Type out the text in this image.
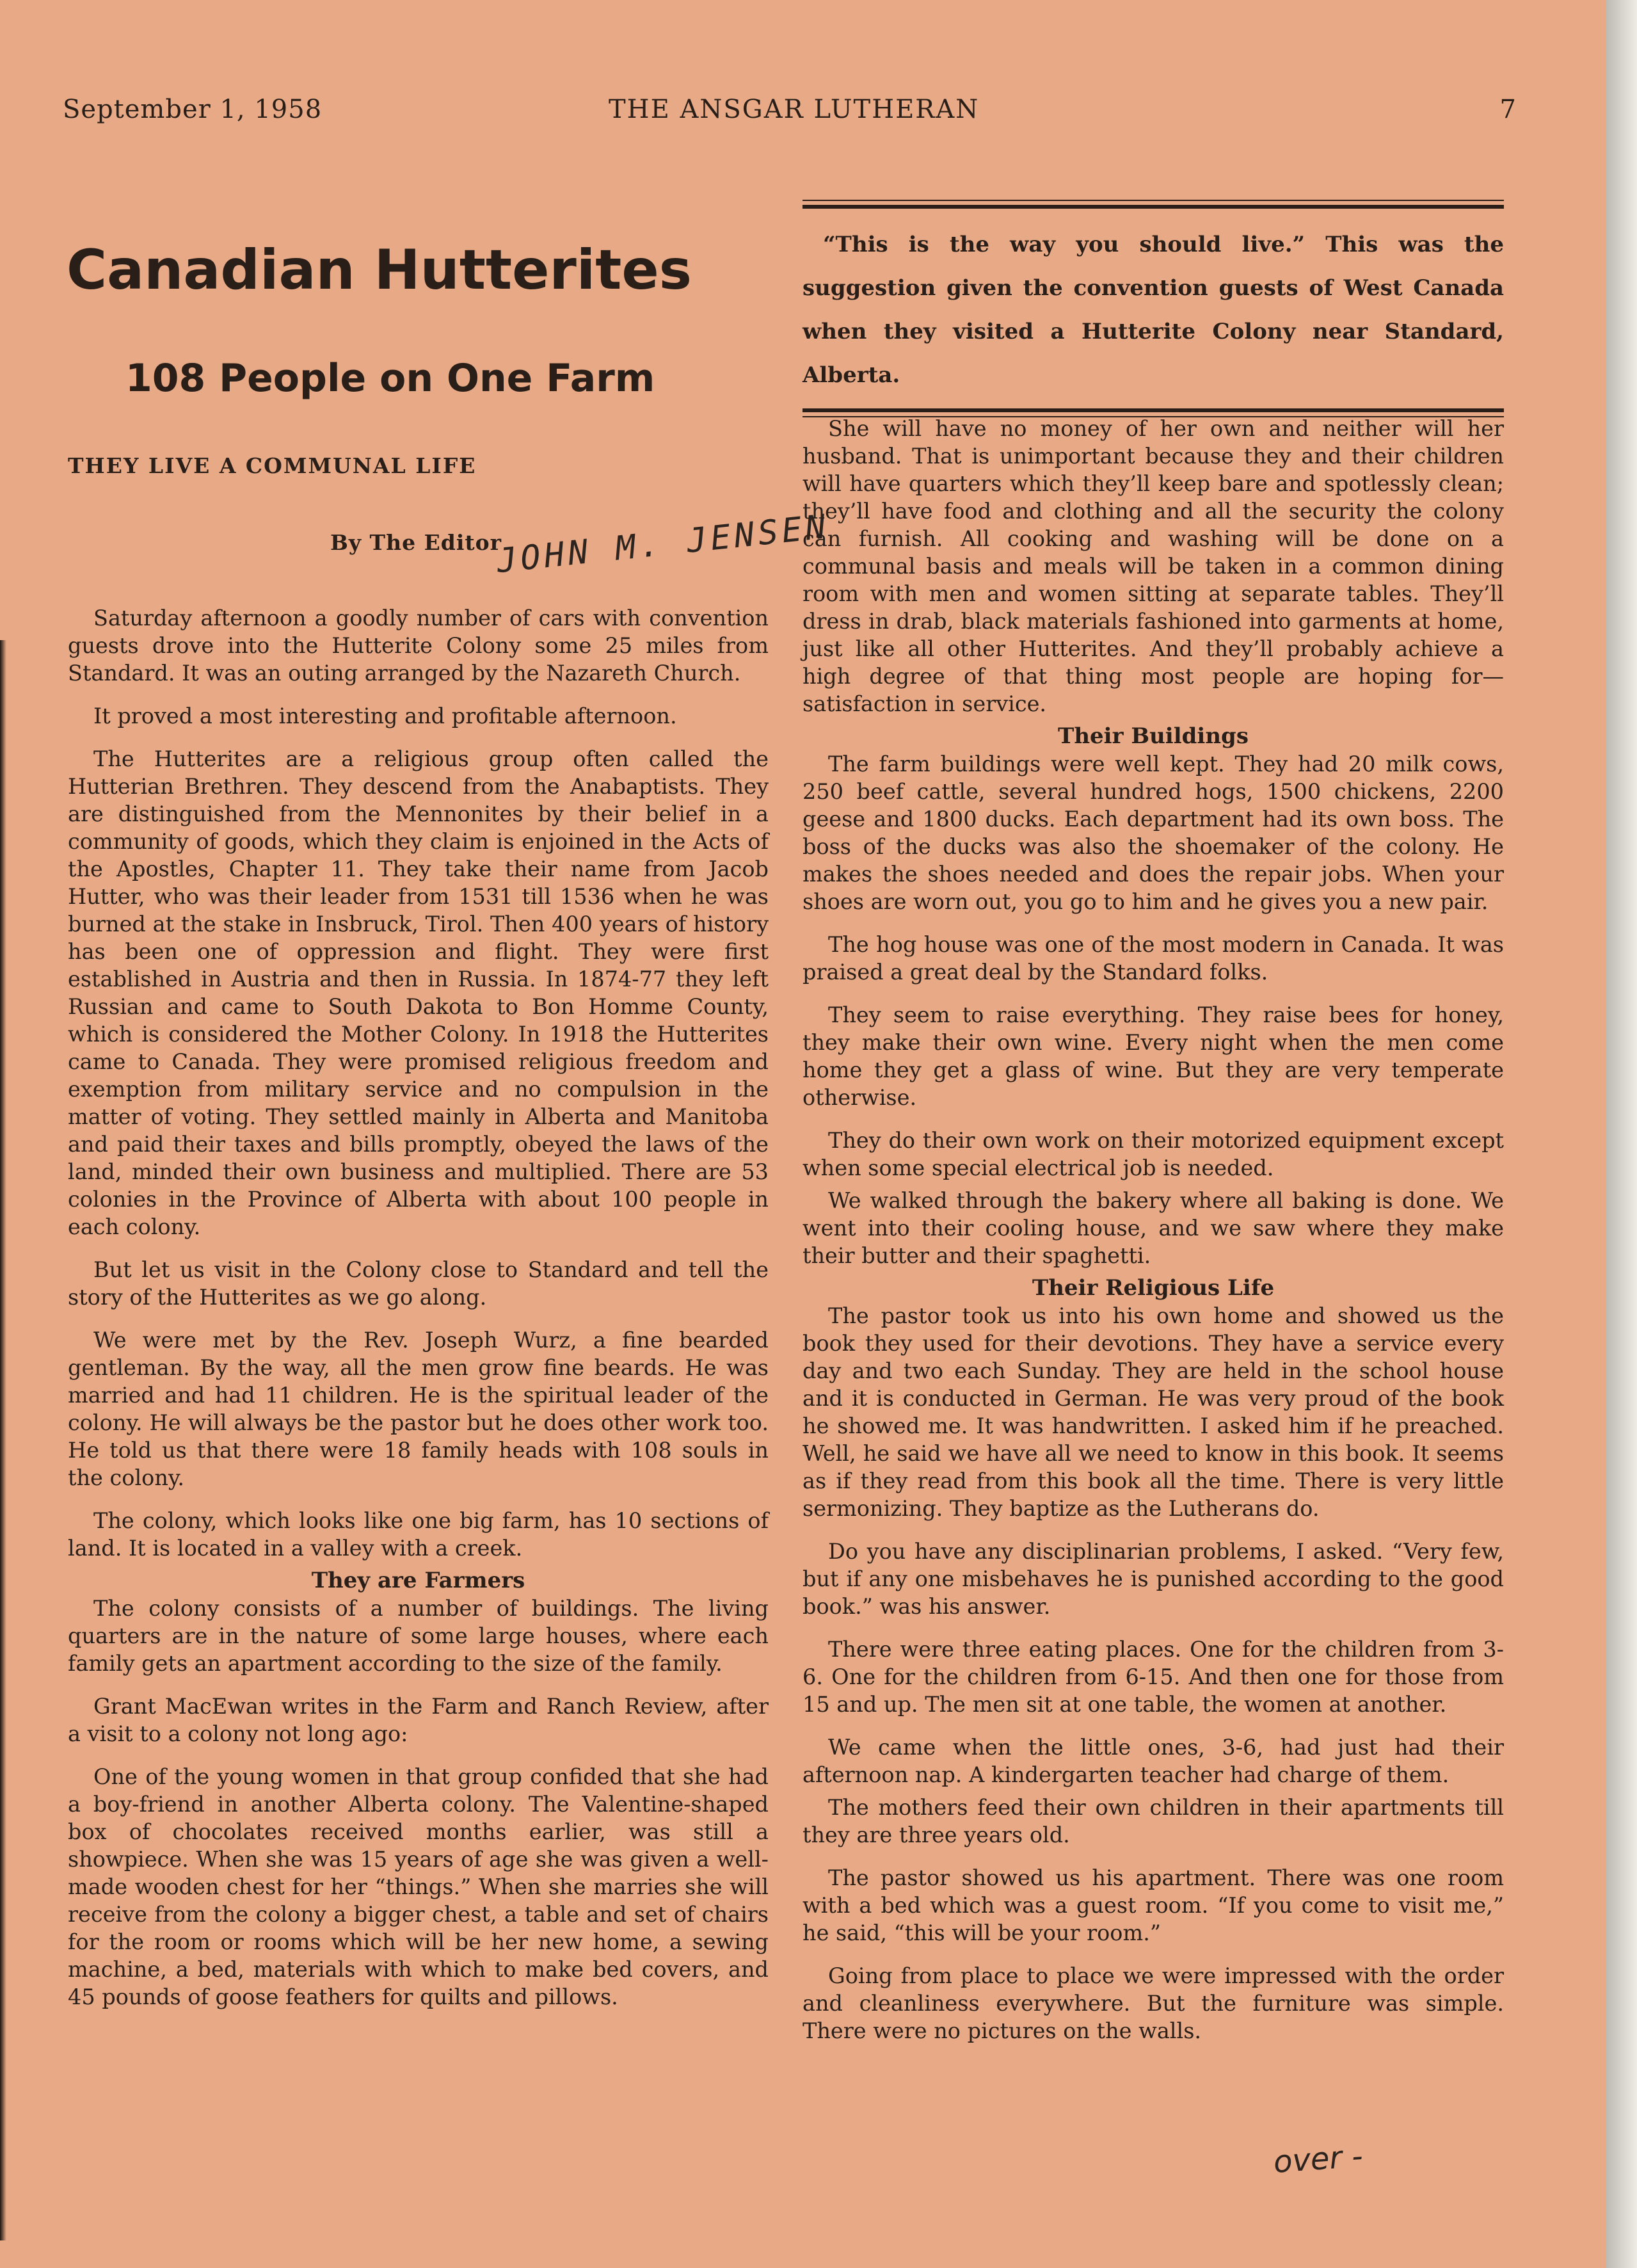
September 1, 1958	THE ANSGAR LUTHERAN	7
Canadian Hutterites
108 People on One Farm
THEY LIVE A COMMUNAL LIFE
By The Editor
JOHN M. JENSEN
“This is the way you should live.” This was the suggestion given the convention guests of West Canada when they visited a Hutterite Colony near Standard, Alberta.

Saturday afternoon a goodly number of cars with convention guests drove into the Hutterite Colony some 25 miles from Standard. It was an outing arranged by the Nazareth Church.

It proved a most interesting and profitable afternoon.

The Hutterites are a religious group often called the Hutterian Brethren. They descend from the Anabaptists. They are distinguished from the Mennonites by their belief in a community of goods, which they claim is enjoined in the Acts of the Apostles, Chapter 11. They take their name from Jacob Hutter, who was their leader from 1531 till 1536 when he was burned at the stake in Insbruck, Tirol. Then 400 years of history has been one of oppression and flight. They were first established in Austria and then in Russia. In 1874-77 they left Russian and came to South Dakota to Bon Homme County, which is considered the Mother Colony. In 1918 the Hutterites came to Canada. They were promised religious freedom and exemption from military service and no compulsion in the matter of voting. They settled mainly in Alberta and Manitoba and paid their taxes and bills promptly, obeyed the laws of the land, minded their own business and multiplied. There are 53 colonies in the Province of Alberta with about 100 people in each colony.

But let us visit in the Colony close to Standard and tell the story of the Hutterites as we go along.

We were met by the Rev. Joseph Wurz, a fine bearded gentleman. By the way, all the men grow fine beards. He was married and had 11 children. He is the spiritual leader of the colony. He will always be the pastor but he does other work too. He told us that there were 18 family heads with 108 souls in the colony.

The colony, which looks like one big farm, has 10 sections of land. It is located in a valley with a creek.

They are Farmers

The colony consists of a number of buildings. The living quarters are in the nature of some large houses, where each family gets an apartment according to the size of the family.

Grant MacEwan writes in the Farm and Ranch Review, after a visit to a colony not long ago:

One of the young women in that group confided that she had a boy-friend in another Alberta colony. The Valentine-shaped box of chocolates received months earlier, was still a showpiece. When she was 15 years of age she was given a well-made wooden chest for her “things.” When she marries she will receive from the colony a bigger chest, a table and set of chairs for the room or rooms which will be her new home, a sewing machine, a bed, materials with which to make bed covers, and 45 pounds of goose feathers for quilts and pillows.

She will have no money of her own and neither will her husband. That is unimportant because they and their children will have quarters which they’ll keep bare and spotlessly clean; they’ll have food and clothing and all the security the colony can furnish. All cooking and washing will be done on a communal basis and meals will be taken in a common dining room with men and women sitting at separate tables. They’ll dress in drab, black materials fashioned into garments at home, just like all other Hutterites. And they’ll probably achieve a high degree of that thing most people are hoping for—satisfaction in service.

Their Buildings

The farm buildings were well kept. They had 20 milk cows, 250 beef cattle, several hundred hogs, 1500 chickens, 2200 geese and 1800 ducks. Each department had its own boss. The boss of the ducks was also the shoemaker of the colony. He makes the shoes needed and does the repair jobs. When your shoes are worn out, you go to him and he gives you a new pair.

The hog house was one of the most modern in Canada. It was praised a great deal by the Standard folks.

They seem to raise everything. They raise bees for honey, they make their own wine. Every night when the men come home they get a glass of wine. But they are very temperate otherwise.

They do their own work on their motorized equipment except when some special electrical job is needed.

We walked through the bakery where all baking is done. We went into their cooling house, and we saw where they make their butter and their spaghetti.

Their Religious Life

The pastor took us into his own home and showed us the book they used for their devotions. They have a service every day and two each Sunday. They are held in the school house and it is conducted in German. He was very proud of the book he showed me. It was handwritten. I asked him if he preached. Well, he said we have all we need to know in this book. It seems as if they read from this book all the time. There is very little sermonizing. They baptize as the Lutherans do.

Do you have any disciplinarian problems, I asked. “Very few, but if any one misbehaves he is punished according to the good book.” was his answer.

There were three eating places. One for the children from 3-6. One for the children from 6-15. And then one for those from 15 and up. The men sit at one table, the women at another.

We came when the little ones, 3-6, had just had their afternoon nap. A kindergarten teacher had charge of them.

The mothers feed their own children in their apartments till they are three years old.

The pastor showed us his apartment. There was one room with a bed which was a guest room. “If you come to visit me,” he said, “this will be your room.”

Going from place to place we were impressed with the order and cleanliness everywhere. But the furniture was simple. There were no pictures on the walls.

over -
